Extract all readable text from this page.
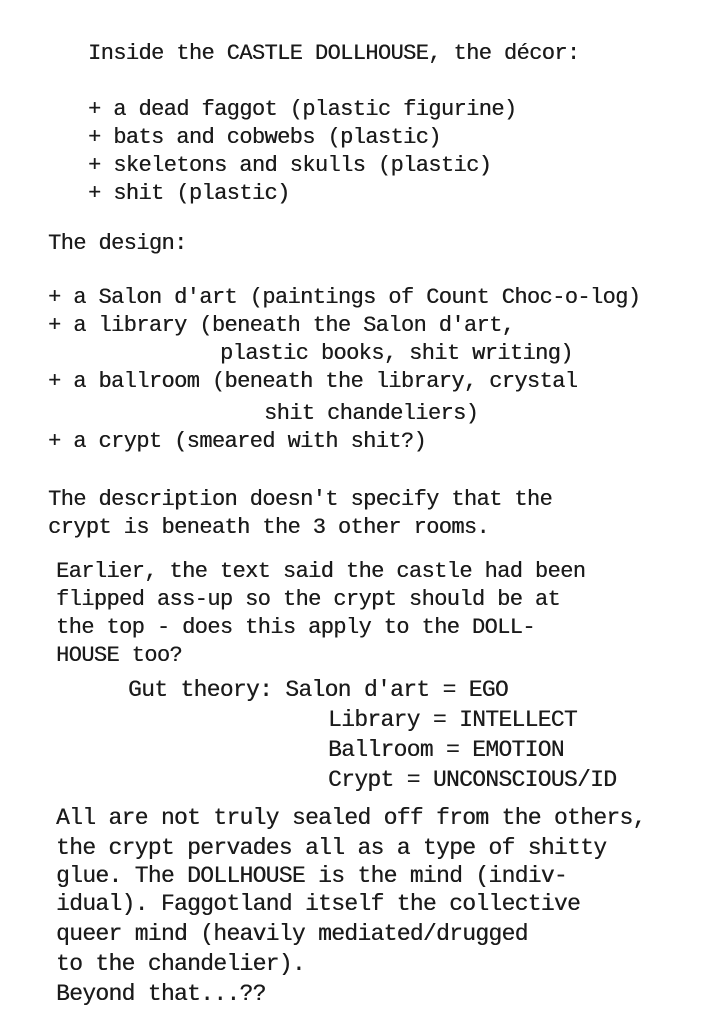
Inside the CASTLE DOLLHOUSE, the décor:
+ a dead faggot (plastic figurine)
+ bats and cobwebs (plastic)
+ skeletons and skulls (plastic)
+ shit (plastic)
The design:
+ a Salon d'art (paintings of Count Choc-o-log)
+ a library (beneath the Salon d'art,
plastic books, shit writing)
+ a ballroom (beneath the library, crystal
shit chandeliers)
+ a crypt (smeared with shit?)
The description doesn't specify that the
crypt is beneath the 3 other rooms.
Earlier, the text said the castle had been
flipped ass-up so the crypt should be at
the top - does this apply to the DOLL-
HOUSE too?
Gut theory: Salon d'art = EGO
Library = INTELLECT
Ballroom = EMOTION
Crypt = UNCONSCIOUS/ID
All are not truly sealed off from the others,
the crypt pervades all as a type of shitty
glue. The DOLLHOUSE is the mind (indiv-
idual). Faggotland itself the collective
queer mind (heavily mediated/drugged
to the chandelier).
Beyond that...??
